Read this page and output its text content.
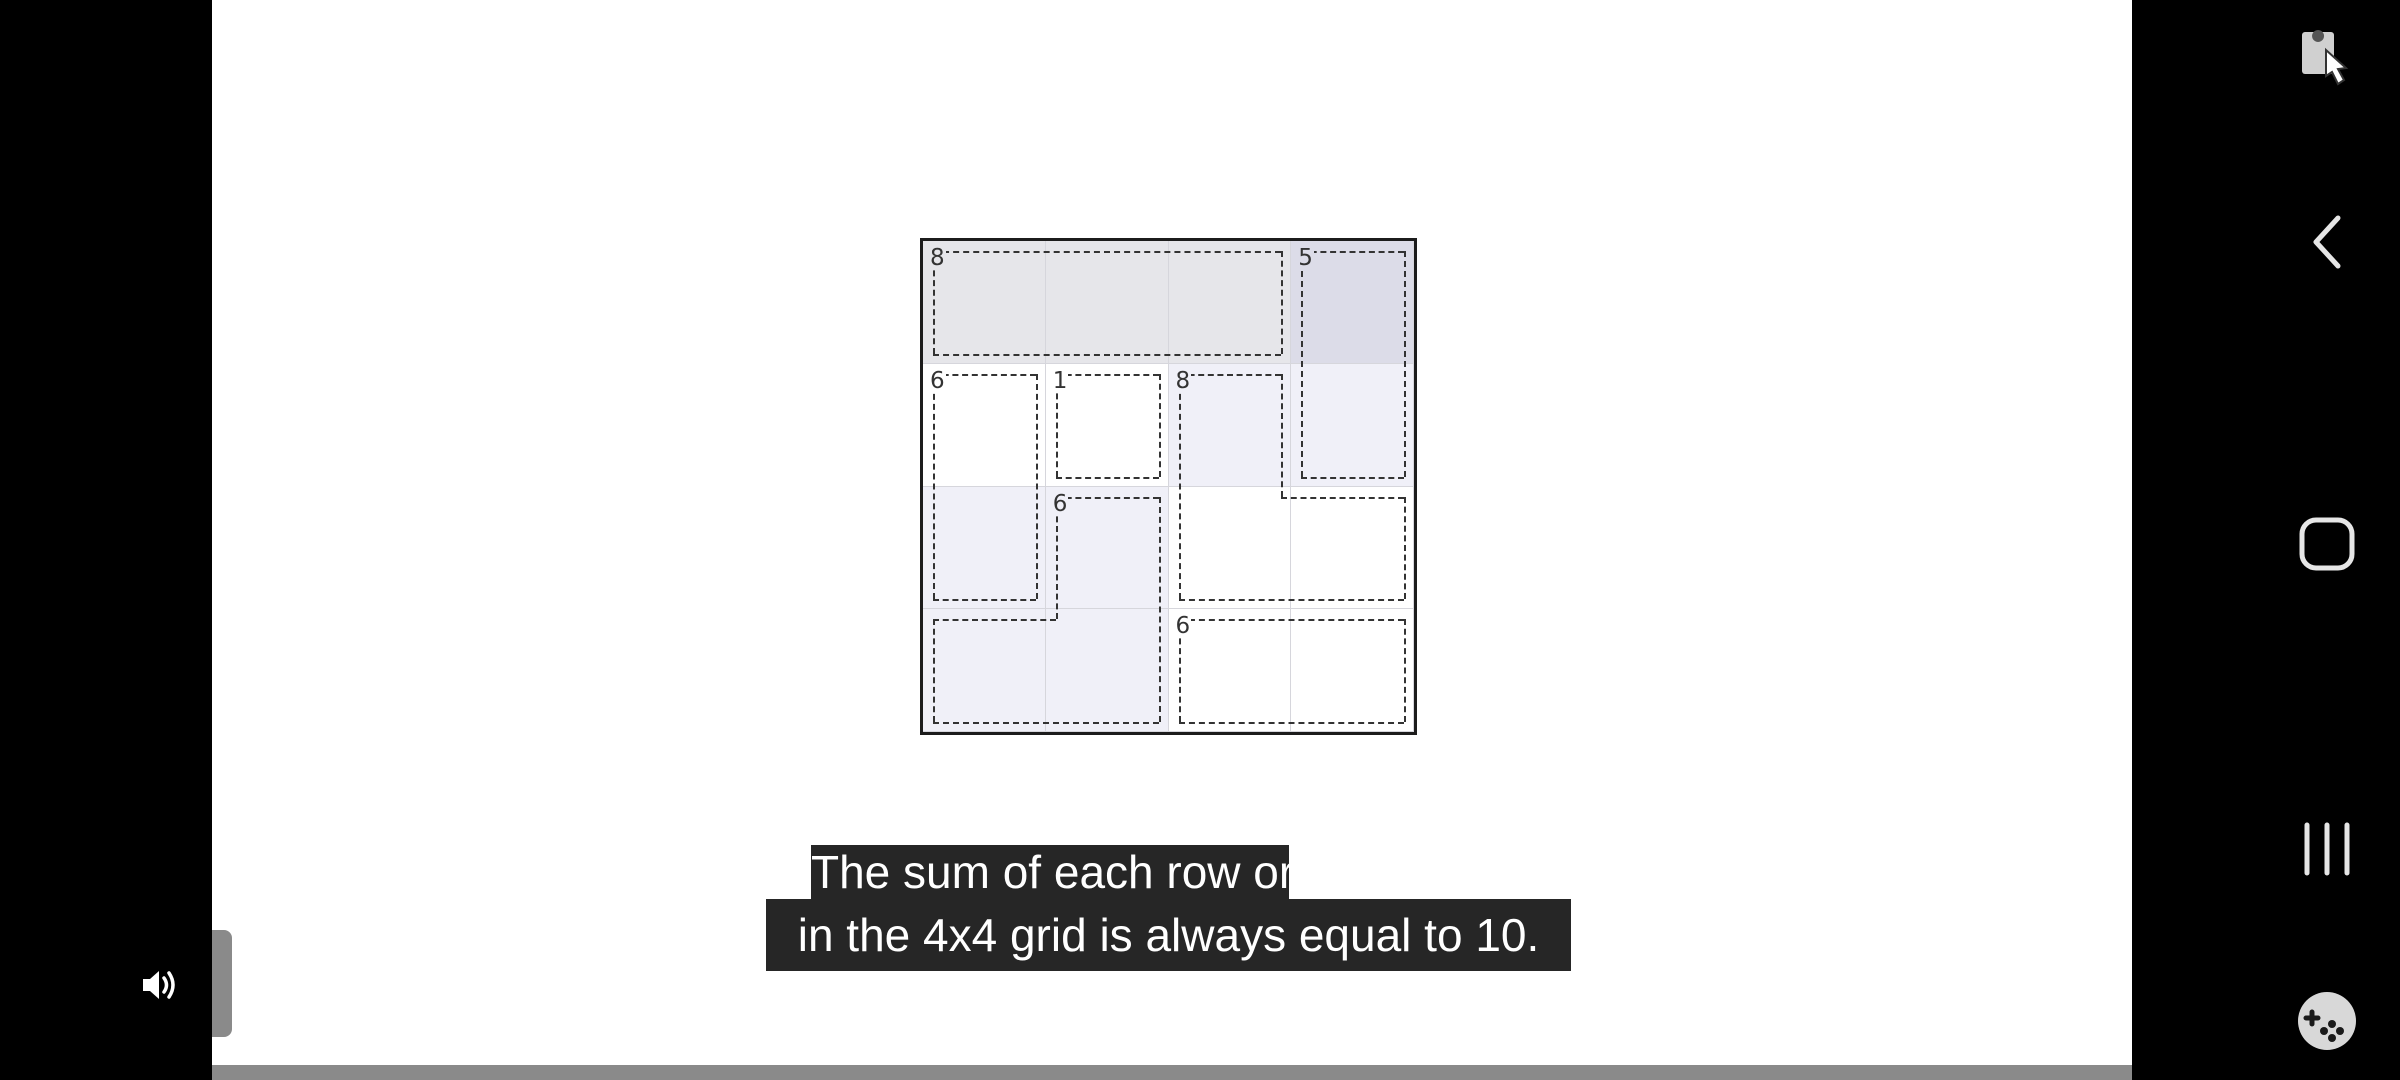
8	5
6	1	8
6
6
The sum of each row or column
in the 4x4 grid is always equal to 10.
